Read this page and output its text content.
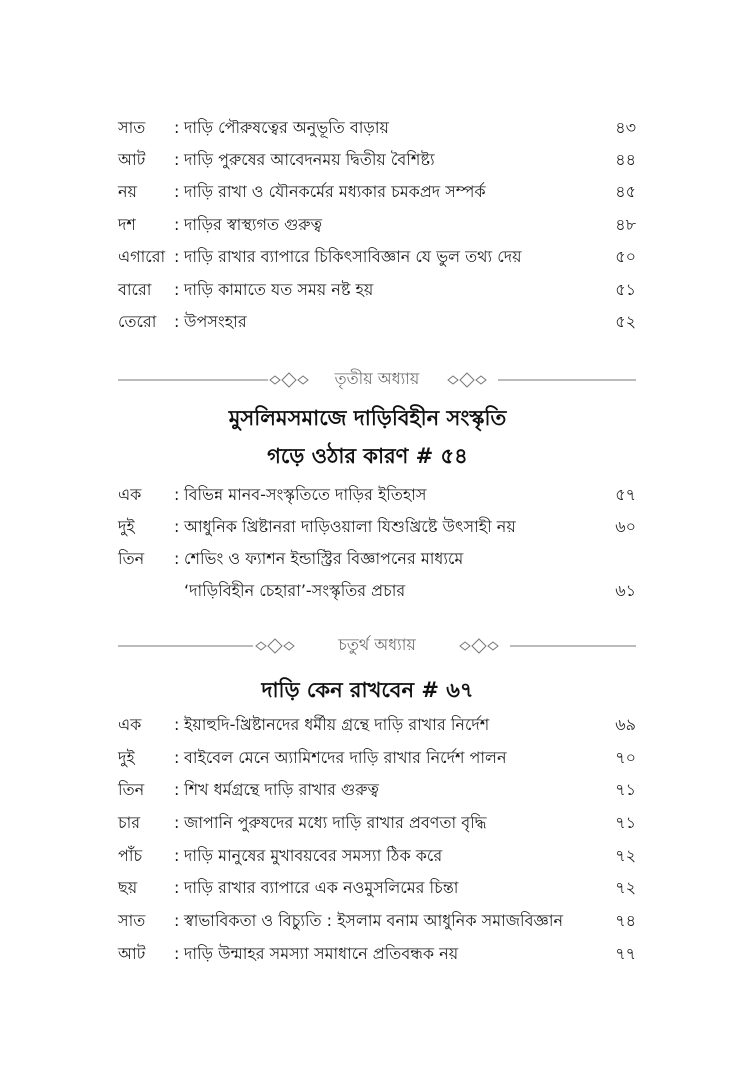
সাত : দাড়ি পৌরুষত্বের অনুভূতি বাড়ায়	৪৩
আট : দাড়ি পুরুষের আবেদনময় দ্বিতীয় বৈশিষ্ট্য	৪৪
নয় : দাড়ি রাখা ও যৌনকর্মের মধ্যকার চমকপ্রদ সম্পর্ক	৪৫
দশ : দাড়ির স্বাস্থ্যগত গুরুত্ব	৪৮
এগারো : দাড়ি রাখার ব্যাপারে চিকিৎসাবিজ্ঞান যে ভুল তথ্য দেয়	৫০
বারো : দাড়ি কামাতে যত সময় নষ্ট হয়	৫১
তেরো : উপসংহার	৫২
তৃতীয় অধ্যায়
মুসলিমসমাজে দাড়িবিহীন সংস্কৃতি
গড়ে ওঠার কারণ # ৫৪
এক : বিভিন্ন মানব-সংস্কৃতিতে দাড়ির ইতিহাস	৫৭
দুই : আধুনিক খ্রিষ্টানরা দাড়িওয়ালা যিশুখ্রিষ্টে উৎসাহী নয়	৬০
তিন : শেভিং ও ফ্যাশন ইন্ডাস্ট্রির বিজ্ঞাপনের মাধ্যমে
‘দাড়িবিহীন চেহারা’-সংস্কৃতির প্রচার	৬১
চতুর্থ অধ্যায়
দাড়ি কেন রাখবেন # ৬৭
এক : ইয়াহুদি-খ্রিষ্টানদের ধর্মীয় গ্রন্থে দাড়ি রাখার নির্দেশ	৬৯
দুই : বাইবেল মেনে অ্যামিশদের দাড়ি রাখার নির্দেশ পালন	৭০
তিন : শিখ ধর্মগ্রন্থে দাড়ি রাখার গুরুত্ব	৭১
চার : জাপানি পুরুষদের মধ্যে দাড়ি রাখার প্রবণতা বৃদ্ধি	৭১
পাঁচ : দাড়ি মানুষের মুখাবয়বের সমস্যা ঠিক করে	৭২
ছয় : দাড়ি রাখার ব্যাপারে এক নওমুসলিমের চিন্তা	৭২
সাত : স্বাভাবিকতা ও বিচ্যুতি : ইসলাম বনাম আধুনিক সমাজবিজ্ঞান	৭৪
আট : দাড়ি উন্মাহর সমস্যা সমাধানে প্রতিবন্ধক নয়	৭৭
